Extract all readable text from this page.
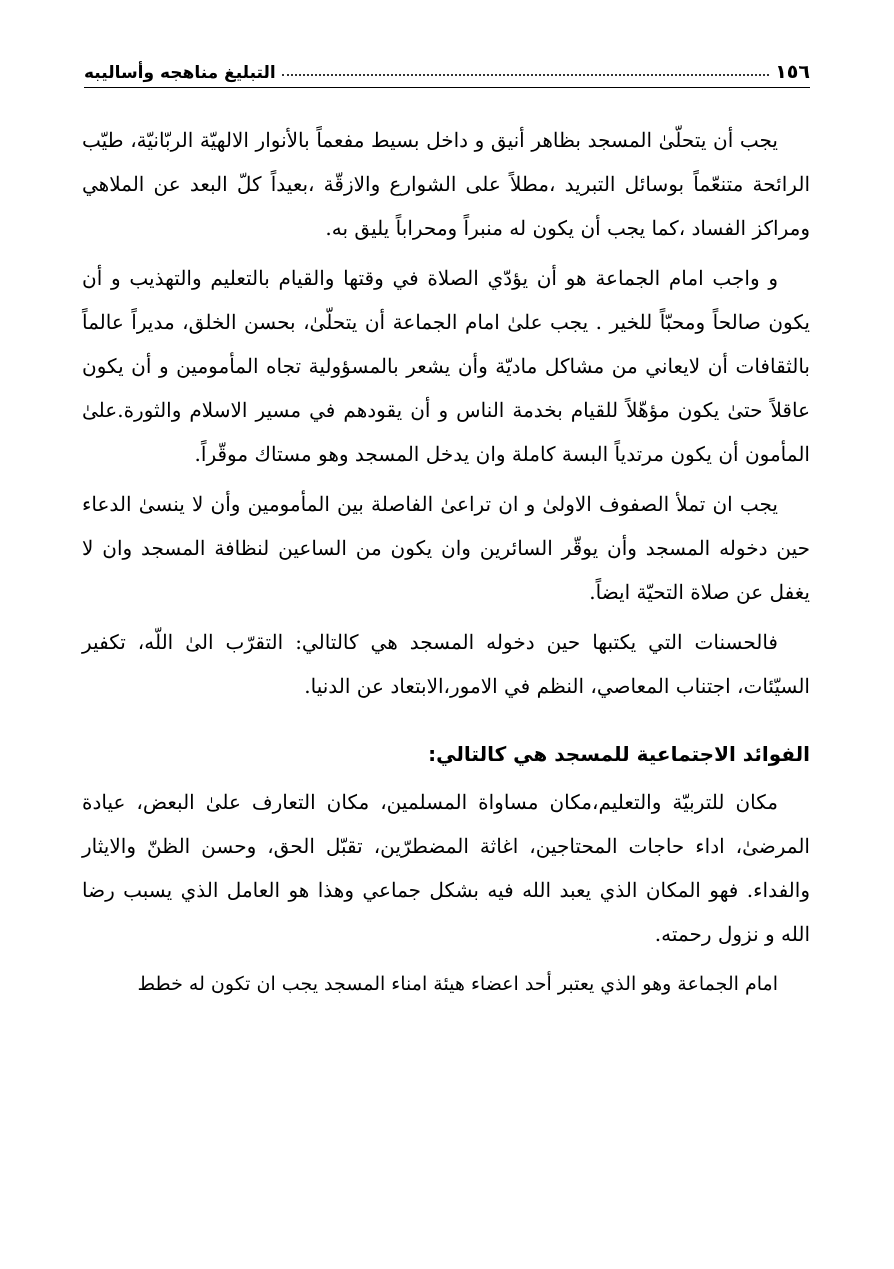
١٥٦
التبليغ مناهجه وأساليبه

يجب أن يتحلّىٰ المسجد بظاهر أنيق و داخل بسيط مفعماً بالأنوار الالهيّة الربّانيّة، طيّب الرائحة متنعّماً بوسائل التبريد ،مطلاً على الشوارع والازقّة ،بعيداً كلّ البعد عن الملاهي ومراكز الفساد ،كما يجب أن يكون له منبراً ومحراباً يليق به.

و واجب امام الجماعة هو أن يؤدّي الصلاة في وقتها والقيام بالتعليم والتهذيب و أن يكون صالحاً ومحبّاً للخير . يجب علىٰ امام الجماعة أن يتحلّىٰ، بحسن الخلق، مديراً عالماً بالثقافات أن لايعاني من مشاكل ماديّة وأن يشعر بالمسؤولية تجاه المأمومين و أن يكون عاقلاً حتىٰ يكون مؤهّلاً للقيام بخدمة الناس و أن يقودهم في مسير الاسلام والثورة.علىٰ المأمون أن يكون مرتدياً البسة كاملة وان يدخل المسجد وهو مستاك موقّراً.

يجب ان تملأ الصفوف الاولىٰ و ان تراعىٰ الفاصلة بين المأمومين وأن لا ينسىٰ الدعاء حين دخوله المسجد وأن يوقّر السائرين وان يكون من الساعين لنظافة المسجد وان لا يغفل عن صلاة التحيّة ايضاً.

فالحسنات التي يكتبها حين دخوله المسجد هي كالتالي: التقرّب الىٰ اللّه، تكفير السيّئات، اجتناب المعاصي، النظم في الامور،الابتعاد عن الدنيا.

الفوائد الاجتماعية للمسجد هي كالتالي:

مكان للتربيّة والتعليم،مكان مساواة المسلمين، مكان التعارف علىٰ البعض، عيادة المرضىٰ، اداء حاجات المحتاجين، اغاثة المضطرّين، تقبّل الحق، وحسن الظنّ والايثار والفداء. فهو المكان الذي يعبد الله فيه بشكل جماعي وهذا هو العامل الذي يسبب رضا الله و نزول رحمته.

امام الجماعة وهو الذي يعتبر أحد اعضاء هيئة امناء المسجد يجب ان تكون له خطط
